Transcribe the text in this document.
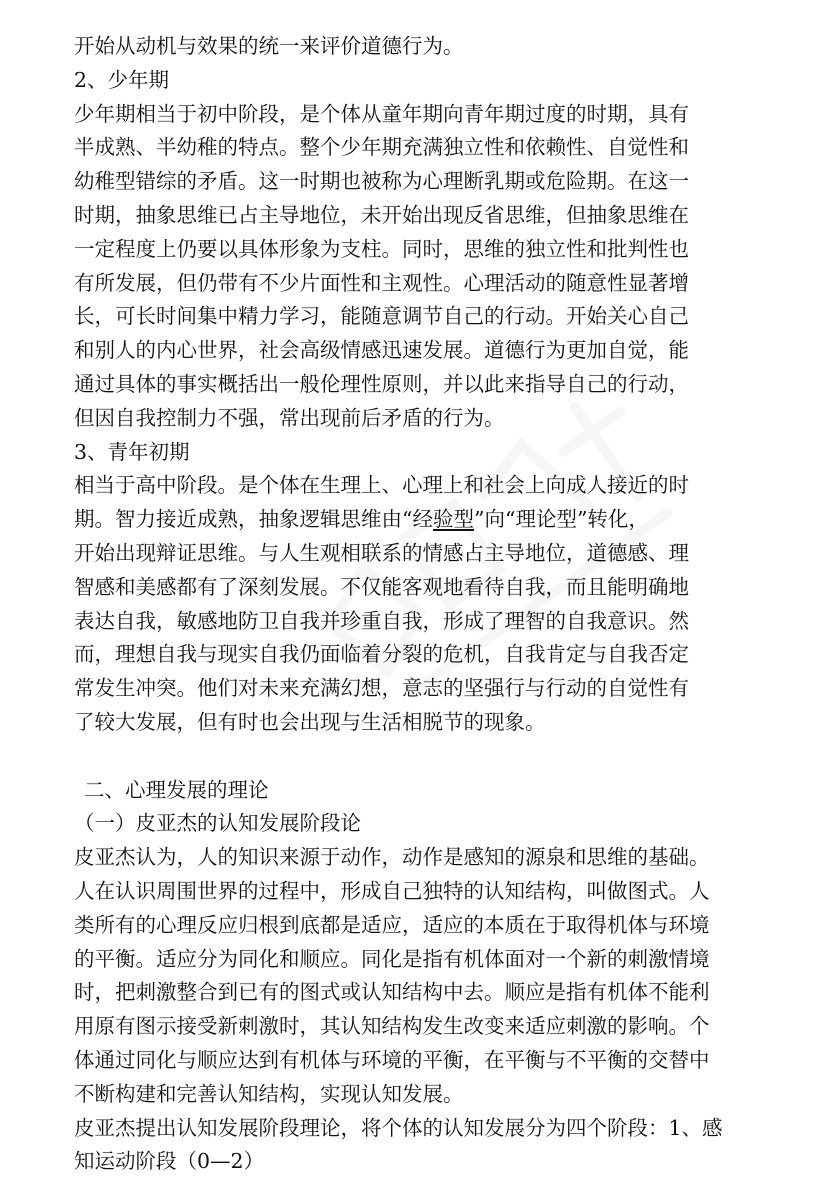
开始从动机与效果的统一来评价道德行为。
2、少年期
少年期相当于初中阶段，是个体从童年期向青年期过度的时期，具有
半成熟、半幼稚的特点。整个少年期充满独立性和依赖性、自觉性和
幼稚型错综的矛盾。这一时期也被称为心理断乳期或危险期。在这一
时期，抽象思维已占主导地位，未开始出现反省思维，但抽象思维在
一定程度上仍要以具体形象为支柱。同时，思维的独立性和批判性也
有所发展，但仍带有不少片面性和主观性。心理活动的随意性显著增
长，可长时间集中精力学习，能随意调节自己的行动。开始关心自己
和别人的内心世界，社会高级情感迅速发展。道德行为更加自觉，能
通过具体的事实概括出一般伦理性原则，并以此来指导自己的行动，
但因自我控制力不强，常出现前后矛盾的行为。
3、青年初期
相当于高中阶段。是个体在生理上、心理上和社会上向成人接近的时
期。智力接近成熟，抽象逻辑思维由“经验型”向“理论型”转化，
开始出现辩证思维。与人生观相联系的情感占主导地位，道德感、理
智感和美感都有了深刻发展。不仅能客观地看待自我，而且能明确地
表达自我，敏感地防卫自我并珍重自我，形成了理智的自我意识。然
而，理想自我与现实自我仍面临着分裂的危机，自我肯定与自我否定
常发生冲突。他们对未来充满幻想，意志的坚强行与行动的自觉性有
了较大发展，但有时也会出现与生活相脱节的现象。
二、心理发展的理论
（一）皮亚杰的认知发展阶段论
皮亚杰认为，人的知识来源于动作，动作是感知的源泉和思维的基础。
人在认识周围世界的过程中，形成自己独特的认知结构，叫做图式。人
类所有的心理反应归根到底都是适应，适应的本质在于取得机体与环境
的平衡。适应分为同化和顺应。同化是指有机体面对一个新的刺激情境
时，把刺激整合到已有的图式或认知结构中去。顺应是指有机体不能利
用原有图示接受新刺激时，其认知结构发生改变来适应刺激的影响。个
体通过同化与顺应达到有机体与环境的平衡，在平衡与不平衡的交替中
不断构建和完善认知结构，实现认知发展。
皮亚杰提出认知发展阶段理论，将个体的认知发展分为四个阶段：1、感
知运动阶段（0—2）
